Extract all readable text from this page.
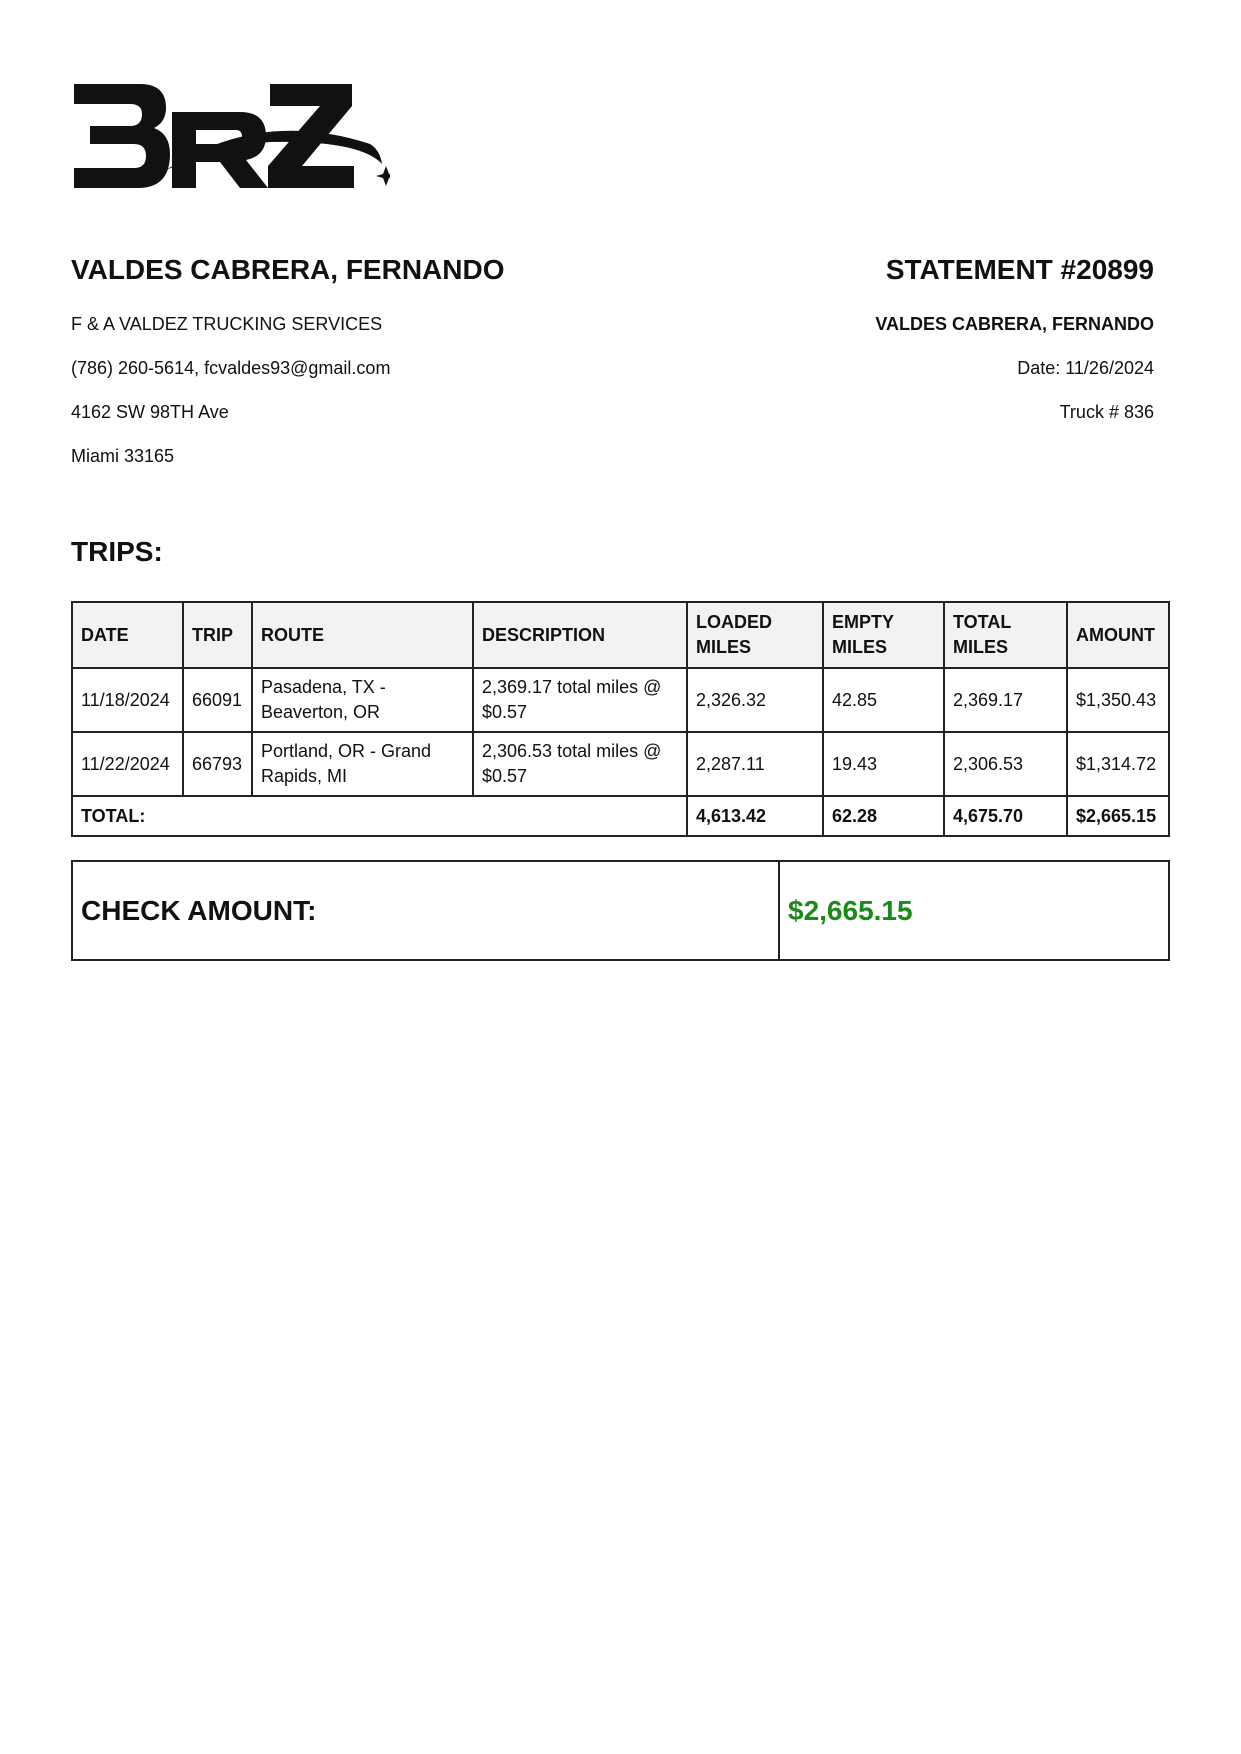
VALDES CABRERA, FERNANDO
F & A VALDEZ TRUCKING SERVICES
(786) 260-5614, fcvaldes93@gmail.com
4162 SW 98TH Ave
Miami 33165
STATEMENT #20899
VALDES CABRERA, FERNANDO
Date: 11/26/2024
Truck # 836
TRIPS:
DATE	TRIP	ROUTE	DESCRIPTION	LOADED MILES	EMPTY MILES	TOTAL MILES	AMOUNT
11/18/2024	66091	Pasadena, TX - Beaverton, OR	2,369.17 total miles @ $0.57	2,326.32	42.85	2,369.17	$1,350.43
11/22/2024	66793	Portland, OR - Grand Rapids, MI	2,306.53 total miles @ $0.57	2,287.11	19.43	2,306.53	$1,314.72
TOTAL:				4,613.42	62.28	4,675.70	$2,665.15
CHECK AMOUNT:	$2,665.15
